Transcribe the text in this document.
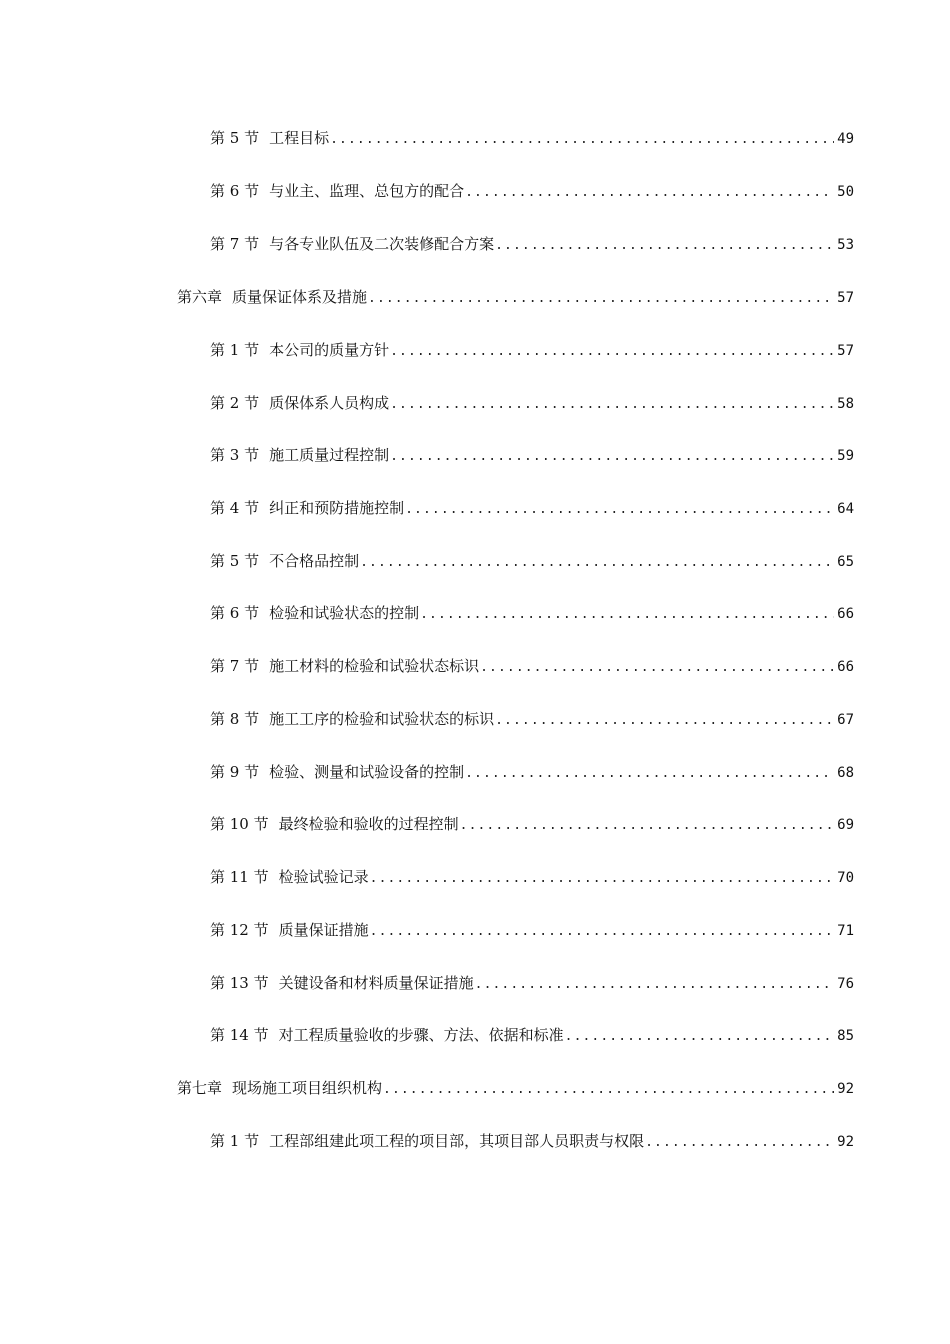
第 5 节 工程目标 .....	49
第 6 节 与业主、监理、总包方的配合 .....	50
第 7 节 与各专业队伍及二次装修配合方案 .....	53
第六章 质量保证体系及措施 .....	57
第 1 节 本公司的质量方针 .....	57
第 2 节 质保体系人员构成 .....	58
第 3 节 施工质量过程控制 .....	59
第 4 节 纠正和预防措施控制 .....	64
第 5 节 不合格品控制 .....	65
第 6 节 检验和试验状态的控制 .....	66
第 7 节 施工材料的检验和试验状态标识 .....	66
第 8 节 施工工序的检验和试验状态的标识 .....	67
第 9 节 检验、测量和试验设备的控制 .....	68
第 10 节 最终检验和验收的过程控制 .....	69
第 11 节 检验试验记录 .....	70
第 12 节 质量保证措施 .....	71
第 13 节 关键设备和材料质量保证措施 .....	76
第 14 节 对工程质量验收的步骤、方法、依据和标准 .....	85
第七章 现场施工项目组织机构 .....	92
第 1 节 工程部组建此项工程的项目部，其项目部人员职责与权限 .....	92
